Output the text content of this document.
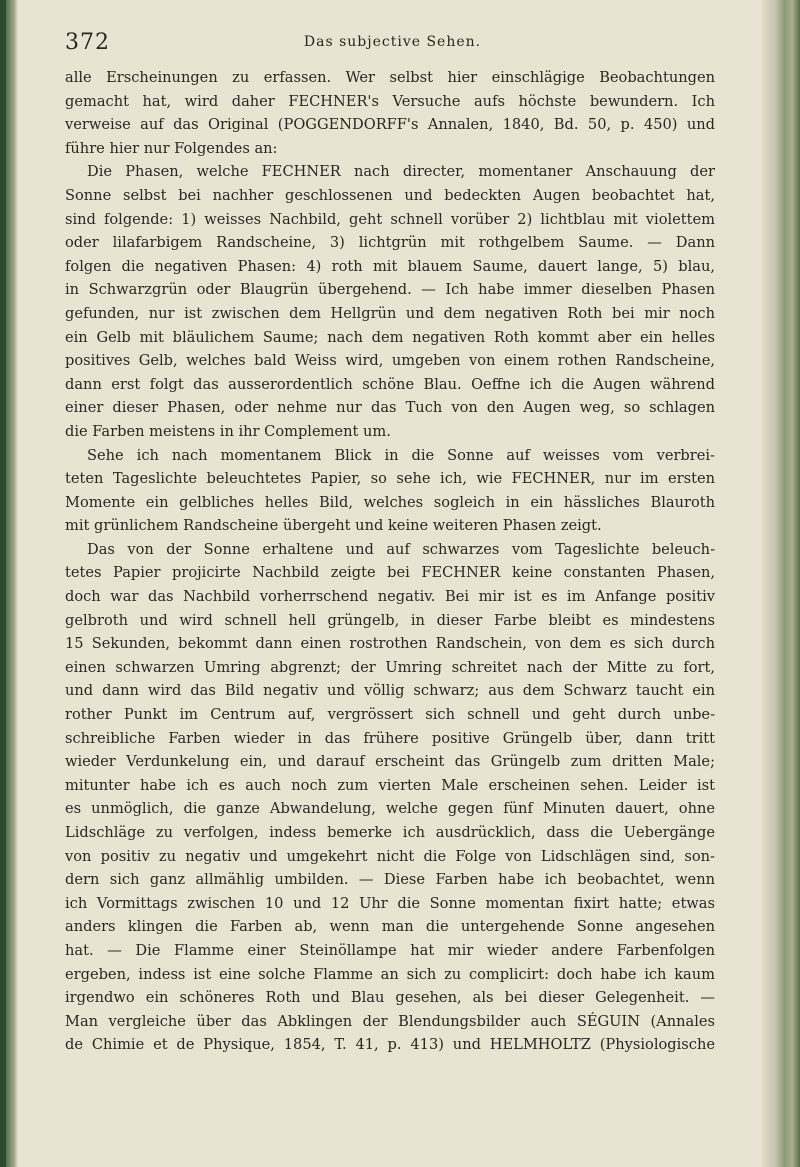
372	Das subjective Sehen.
alle Erscheinungen zu erfassen. Wer selbst hier einschlägige Beobachtungen
gemacht hat, wird daher FECHNER's Versuche aufs höchste bewundern. Ich
verweise auf das Original (POGGENDORFF's Annalen, 1840, Bd. 50, p. 450) und
führe hier nur Folgendes an:
Die Phasen, welche FECHNER nach directer, momentaner Anschauung der
Sonne selbst bei nachher geschlossenen und bedeckten Augen beobachtet hat,
sind folgende: 1) weisses Nachbild, geht schnell vorüber 2) lichtblau mit violettem
oder lilafarbigem Randscheine, 3) lichtgrün mit rothgelbem Saume. — Dann
folgen die negativen Phasen: 4) roth mit blauem Saume, dauert lange, 5) blau,
in Schwarzgrün oder Blaugrün übergehend. — Ich habe immer dieselben Phasen
gefunden, nur ist zwischen dem Hellgrün und dem negativen Roth bei mir noch
ein Gelb mit bläulichem Saume; nach dem negativen Roth kommt aber ein helles
positives Gelb, welches bald Weiss wird, umgeben von einem rothen Randscheine,
dann erst folgt das ausserordentlich schöne Blau. Oeffne ich die Augen während
einer dieser Phasen, oder nehme nur das Tuch von den Augen weg, so schlagen
die Farben meistens in ihr Complement um.
Sehe ich nach momentanem Blick in die Sonne auf weisses vom verbrei-
teten Tageslichte beleuchtetes Papier, so sehe ich, wie FECHNER, nur im ersten
Momente ein gelbliches helles Bild, welches sogleich in ein hässliches Blauroth
mit grünlichem Randscheine übergeht und keine weiteren Phasen zeigt.
Das von der Sonne erhaltene und auf schwarzes vom Tageslichte beleuch-
tetes Papier projicirte Nachbild zeigte bei FECHNER keine constanten Phasen,
doch war das Nachbild vorherrschend negativ. Bei mir ist es im Anfange positiv
gelbroth und wird schnell hell grüngelb, in dieser Farbe bleibt es mindestens
15 Sekunden, bekommt dann einen rostrothen Randschein, von dem es sich durch
einen schwarzen Umring abgrenzt; der Umring schreitet nach der Mitte zu fort,
und dann wird das Bild negativ und völlig schwarz; aus dem Schwarz taucht ein
rother Punkt im Centrum auf, vergrössert sich schnell und geht durch unbe-
schreibliche Farben wieder in das frühere positive Grüngelb über, dann tritt
wieder Verdunkelung ein, und darauf erscheint das Grüngelb zum dritten Male;
mitunter habe ich es auch noch zum vierten Male erscheinen sehen. Leider ist
es unmöglich, die ganze Abwandelung, welche gegen fünf Minuten dauert, ohne
Lidschläge zu verfolgen, indess bemerke ich ausdrücklich, dass die Uebergänge
von positiv zu negativ und umgekehrt nicht die Folge von Lidschlägen sind, son-
dern sich ganz allmählig umbilden. — Diese Farben habe ich beobachtet, wenn
ich Vormittags zwischen 10 und 12 Uhr die Sonne momentan fixirt hatte; etwas
anders klingen die Farben ab, wenn man die untergehende Sonne angesehen
hat. — Die Flamme einer Steinöllampe hat mir wieder andere Farbenfolgen
ergeben, indess ist eine solche Flamme an sich zu complicirt: doch habe ich kaum
irgendwo ein schöneres Roth und Blau gesehen, als bei dieser Gelegenheit. —
Man vergleiche über das Abklingen der Blendungsbilder auch SÉGUIN (Annales
de Chimie et de Physique, 1854, T. 41, p. 413) und HELMHOLTZ (Physiologische
